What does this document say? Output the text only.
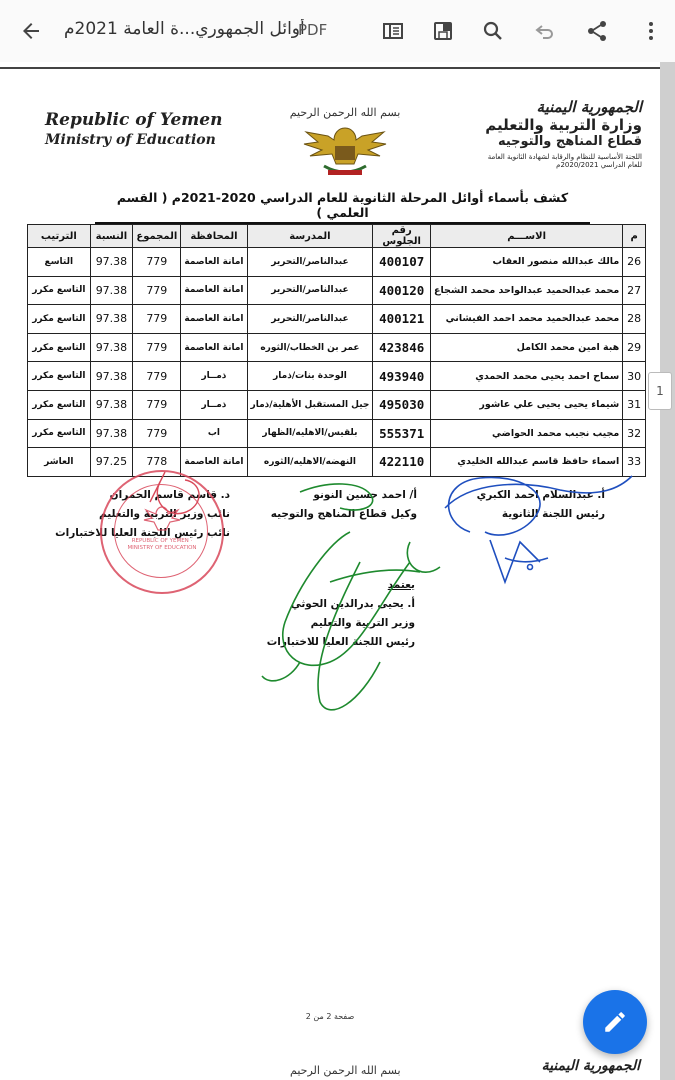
أوائل الجمهوري...ة العامة 2021م
PDF
Republic of Yemen
Ministry of Education
بسم الله الرحمن الرحيم	الجمهورية اليمنية
وزارة التربية والتعليم
قطاع المناهج والتوجيه
اللجنة الأساسية للنظام والرقابة لشهادة الثانوية العامة
للعام الدراسي 2020/2021م
كشف بأسماء أوائل المرحلة الثانوية للعام الدراسي 2020-2021م ( القسم العلمي )
م	الاســـم	رقم الجلوس	المدرسة	المحافظة	المجموع	النسبة	الترتيب
26	مالك عبدالله منصور العقاب	400107	عبدالناصر/التحرير	امانة العاصمة	779	97.38	التاسع
27	محمد عبدالحميد عبدالواحد محمد الشجاع	400120	عبدالناصر/التحرير	امانة العاصمة	779	97.38	التاسع مكرر
28	محمد عبدالحميد محمد احمد الفيشاني	400121	عبدالناصر/التحرير	امانة العاصمة	779	97.38	التاسع مكرر
29	هبة امين محمد الكامل	423846	عمر بن الخطاب/الثوره	امانة العاصمة	779	97.38	التاسع مكرر
30	سماح احمد يحيى محمد الحمدي	493940	الوحدة بنات/ذمار	ذمــار	779	97.38	التاسع مكرر
31	شيماء يحيى يحيى علي عاشور	495030	جيل المستقبل الأهلية/ذمار	ذمــار	779	97.38	التاسع مكرر
32	مجيب نجيب محمد الحواضي	555371	بلقيس/الاهليه/الظهار	اب	779	97.38	التاسع مكرر
33	اسماء حافظ قاسم عبدالله الخليدي	422110	النهضه/الاهليه/الثوره	امانة العاصمة	778	97.25	العاشر
أ. عبدالسلام احمد الكبري
رئيس اللجنة الثانوية
أ/ احمد حسين النونو
وكيل قطاع المناهج والتوجيه
د. قاسم قاسم الحمران
نائب وزير التربية والتعليم
نائب رئيس اللجنة العليا للاختبارات
يعتمد
أ. يحيى بدرالدين الحوثي
وزير التربية والتعليم
رئيس اللجنة العليا للاختبارات
REPUBLIC OF YEMEN · MINISTRY OF EDUCATION
صفحة 2 من 2
بسم الله الرحمن الرحيم	الجمهورية اليمنية
1
